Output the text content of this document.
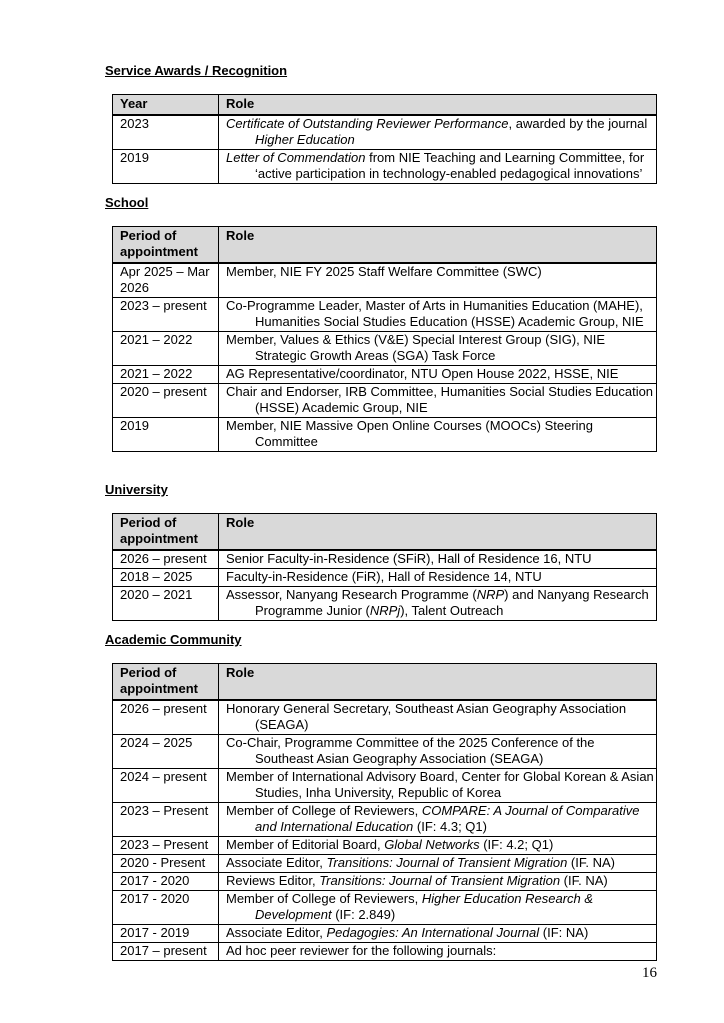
Service Awards / Recognition
Year	Role
2023	Certificate of Outstanding Reviewer Performance, awarded by the journal Higher Education
2019	Letter of Commendation from NIE Teaching and Learning Committee, for ‘active participation in technology-enabled pedagogical innovations’
School
Period of appointment	Role
Apr 2025 – Mar 2026	Member, NIE FY 2025 Staff Welfare Committee (SWC)
2023 – present	Co-Programme Leader, Master of Arts in Humanities Education (MAHE), Humanities Social Studies Education (HSSE) Academic Group, NIE
2021 – 2022	Member, Values & Ethics (V&E) Special Interest Group (SIG), NIE Strategic Growth Areas (SGA) Task Force
2021 – 2022	AG Representative/coordinator, NTU Open House 2022, HSSE, NIE
2020 – present	Chair and Endorser, IRB Committee, Humanities Social Studies Education (HSSE) Academic Group, NIE
2019	Member, NIE Massive Open Online Courses (MOOCs) Steering Committee
University
Period of appointment	Role
2026 – present	Senior Faculty-in-Residence (SFiR), Hall of Residence 16, NTU
2018 – 2025	Faculty-in-Residence (FiR), Hall of Residence 14, NTU
2020 – 2021	Assessor, Nanyang Research Programme (NRP) and Nanyang Research Programme Junior (NRPj), Talent Outreach
Academic Community
Period of appointment	Role
2026 – present	Honorary General Secretary, Southeast Asian Geography Association (SEAGA)
2024 – 2025	Co-Chair, Programme Committee of the 2025 Conference of the Southeast Asian Geography Association (SEAGA)
2024 – present	Member of International Advisory Board, Center for Global Korean & Asian Studies, Inha University, Republic of Korea
2023 – Present	Member of College of Reviewers, COMPARE: A Journal of Comparative and International Education (IF: 4.3; Q1)
2023 – Present	Member of Editorial Board, Global Networks (IF: 4.2; Q1)
2020 - Present	Associate Editor, Transitions: Journal of Transient Migration (IF. NA)
2017 - 2020	Reviews Editor, Transitions: Journal of Transient Migration (IF. NA)
2017 - 2020	Member of College of Reviewers, Higher Education Research & Development (IF: 2.849)
2017 - 2019	Associate Editor, Pedagogies: An International Journal (IF: NA)
2017 – present	Ad hoc peer reviewer for the following journals:
16
